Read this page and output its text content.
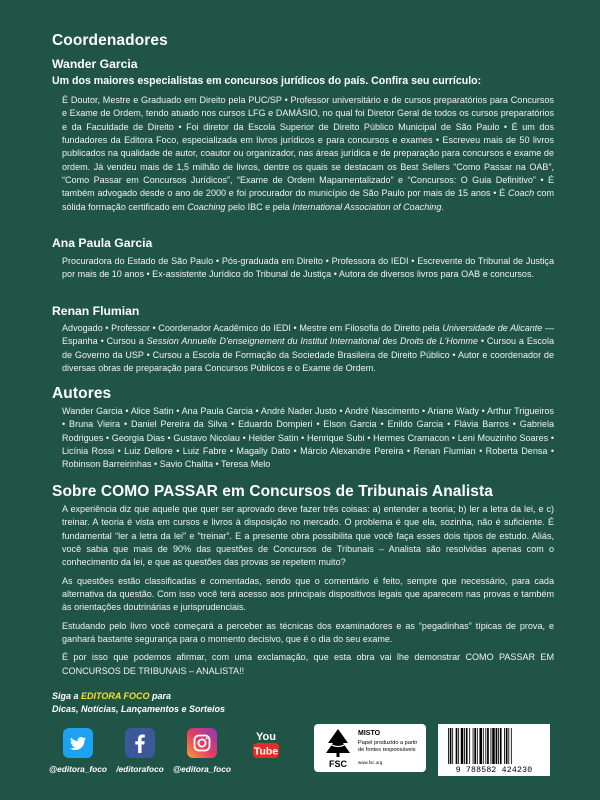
Coordenadores
Wander Garcia
Um dos maiores especialistas em concursos jurídicos do país. Confira seu currículo:
É Doutor, Mestre e Graduado em Direito pela PUC/SP • Professor universitário e de cursos preparatórios para Concursos e Exame de Ordem, tendo atuado nos cursos LFG e DAMÁSIO, no qual foi Diretor Geral de todos os cursos preparatórios e da Faculdade de Direito • Foi diretor da Escola Superior de Direito Público Municipal de São Paulo • É um dos fundadores da Editora Foco, especializada em livros jurídicos e para concursos e exames • Escreveu mais de 50 livros publicados na qualidade de autor, coautor ou organizador, nas áreas jurídica e de preparação para concursos e exame de ordem. Já vendeu mais de 1,5 milhão de livros, dentre os quais se destacam os Best Sellers “Como Passar na OAB”, “Como Passar em Concursos Jurídicos”, “Exame de Ordem Mapamentalizado” e “Concursos: O Guia Definitivo” • É também advogado desde o ano de 2000 e foi procurador do município de São Paulo por mais de 15 anos • É Coach com sólida formação certificado em Coaching pelo IBC e pela International Association of Coaching.
Ana Paula Garcia
Procuradora do Estado de São Paulo • Pós-graduada em Direito • Professora do IEDI • Escrevente do Tribunal de Justiça por mais de 10 anos • Ex-assistente Jurídico do Tribunal de Justiça • Autora de diversos livros para OAB e concursos.
Renan Flumian
Advogado • Professor • Coordenador Acadêmico do IEDI • Mestre em Filosofia do Direito pela Universidade de Alicante — Espanha • Cursou a Session Annuelle D'enseignement du Institut International des Droits de L'Homme • Cursou a Escola de Governo da USP • Cursou a Escola de Formação da Sociedade Brasileira de Direito Público • Autor e coordenador de diversas obras de preparação para Concursos Públicos e o Exame de Ordem.
Autores
Wander Garcia • Alice Satin • Ana Paula Garcia • André Nader Justo • André Nascimento • Ariane Wady • Arthur Trigueiros • Bruna Vieira • Daniel Pereira da Silva • Eduardo Dompieri • Elson Garcia • Enildo Garcia • Flávia Barros • Gabriela Rodrigues • Georgia Dias • Gustavo Nicolau • Helder Satin • Henrique Subi • Hermes Cramacon • Leni Mouzinho Soares • Licínia Rossi • Luiz Dellore • Luiz Fabre • Magally Dato • Márcio Alexandre Pereira • Renan Flumian • Roberta Densa • Robinson Barreirinhas • Savio Chalita • Teresa Melo
Sobre COMO PASSAR em Concursos de Tribunais Analista

A experiência diz que aquele que quer ser aprovado deve fazer três coisas: a) entender a teoria; b) ler a letra da lei, e c) treinar. A teoria é vista em cursos e livros à disposição no mercado. O problema é que ela, sozinha, não é suficiente. É fundamental “ler a letra da lei” e “treinar”. E a presente obra possibilita que você faça esses dois tipos de estudo. Aliás, você sabia que mais de 90% das questões de Concursos de Tribunais – Analista são resolvidas apenas com o conhecimento da lei, e que as questões das provas se repetem muito?

As questões estão classificadas e comentadas, sendo que o comentário é feito, sempre que necessário, para cada alternativa da questão. Com isso você terá acesso aos principais dispositivos legais que aparecem nas provas e também às orientações doutrinárias e jurisprudenciais.

Estudando pelo livro você começará a perceber as técnicas dos examinadores e as “pegadinhas” típicas de prova, e ganhará bastante segurança para o momento decisivo, que é o dia do seu exame.

É por isso que podemos afirmar, com uma exclamação, que esta obra vai lhe demonstrar COMO PASSAR EM CONCURSOS DE TRIBUNAIS – ANALISTA!!

Siga a EDITORA FOCO para
Dicas, Notícias, Lançamentos e Sorteios
@editora_foco	/editorafoco	@editora_foco
You
Tube
FSC
MISTO
Papel produzido a partir de fontes responsáveis
www.fsc.org
9 788582 424230
